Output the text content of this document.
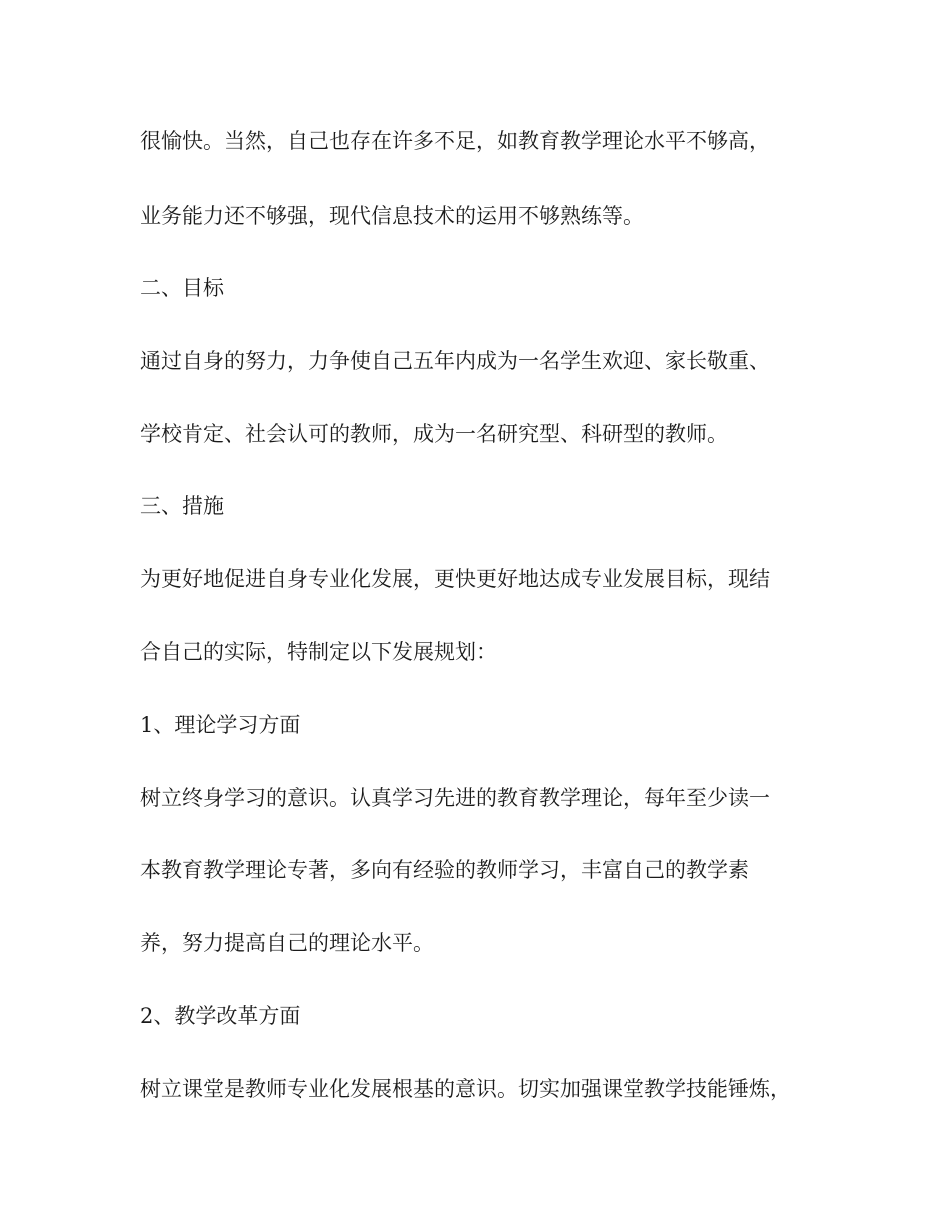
很愉快。当然，自己也存在许多不足，如教育教学理论水平不够高，
业务能力还不够强，现代信息技术的运用不够熟练等。
二、目标
通过自身的努力，力争使自己五年内成为一名学生欢迎、家长敬重、
学校肯定、社会认可的教师，成为一名研究型、科研型的教师。
三、措施
为更好地促进自身专业化发展，更快更好地达成专业发展目标，现结
合自己的实际，特制定以下发展规划：
1、理论学习方面
树立终身学习的意识。认真学习先进的教育教学理论，每年至少读一
本教育教学理论专著，多向有经验的教师学习，丰富自己的教学素
养，努力提高自己的理论水平。
2、教学改革方面
树立课堂是教师专业化发展根基的意识。切实加强课堂教学技能锤炼，
